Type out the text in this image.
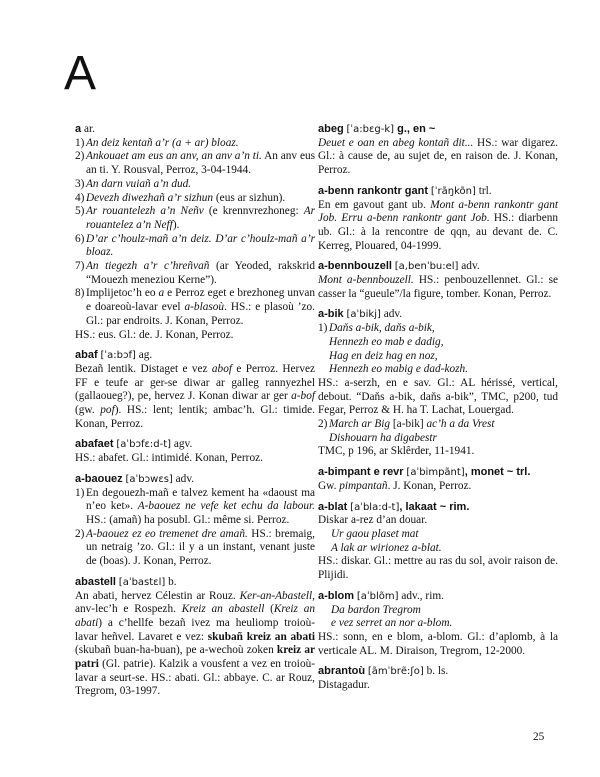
A

a ar.

1) An deiz kentañ a’r (a + ar) bloaz.
2) Ankouaet am eus an anv, an anv a’n ti. An anv eus an ti. Y. Rousval, Perroz, 3-04-1944.
3) An darn vuiañ a’n dud.
4) Devezh diwezhañ a’r sizhun (eus ar sizhun).
5) Ar rouantelezh a’n Neñv (e krennvrezhoneg: Ar rouantelez a’n Neff).
6) D’ar c’houlz-mañ a’n deiz. D’ar c’houlz-mañ a’r bloaz.
7) An tiegezh a’r c’hreñvañ (ar Yeoded, rakskrid “Mouezh meneziou Kerne”).
8) Implijetoc’h eo a e Perroz eget e brezhoneg unvan e doareoù-lavar evel a-blasoù. HS.: e plasoù ’zo. Gl.: par endroits. J. Konan, Perroz.

HS.: eus. Gl.: de. J. Konan, Perroz.

abaf [ˈa:bɔf] ag.

Bezañ lentik. Distaget e vez abof e Perroz. Hervez FF e teufe ar ger-se diwar ar galleg rannyezhel (gallaoueg?), pe, hervez J. Konan diwar ar ger a-bof (gw. pof). HS.: lent; lentik; ambac’h. Gl.: timide. Konan, Perroz.

abafaet [aˈbɔfɛ:d-t] agv.

HS.: abafet. Gl.: intimidé. Konan, Perroz.

a-baouez [aˈbɔwɛs] adv.

1) En degouezh-mañ e talvez kement ha «daoust ma n’eo ket». A-baouez ne vefe ket echu da labour. HS.: (amañ) ha posubl. Gl.: même si. Perroz.
2) A-baouez ez eo tremenet dre amañ. HS.: bremaig, un netraig ’zo. Gl.: il y a un instant, venant juste de (boas). J. Konan, Perroz.

abastell [aˈbastɛl] b.

An abati, hervez Célestin ar Rouz. Ker-an-Abastell, anv-lec’h e Rospezh. Kreiz an abastell (Kreiz an abati) a c’hellfe bezañ ivez ma heuliomp troioù-lavar heñvel. Lavaret e vez: skubañ kreiz an abati (skubañ buan-ha-buan), pe a-wechoù zoken kreiz ar patri (Gl. patrie). Kalzik a vousfent a vez en troioù-lavar a seurt-se. HS.: abati. Gl.: abbaye. C. ar Rouz, Tregrom, 03-1997.

abeg [ˈa:bɛg-k] g., en ~

Deuet e oan en abeg kontañ dit... HS.: war digarez. Gl.: à cause de, au sujet de, en raison de. J. Konan, Perroz.

a-benn rankontr gant [ˈrãŋkõn] trl.

En em gavout gant ub. Mont a-benn rankontr gant Job. Erru a-benn rankontr gant Job. HS.: diarbenn ub. Gl.: à la rencontre de qqn, au devant de. C. Kerreg, Plouared, 04-1999.

a-bennbouzell [a,benˈbu:el] adv.

Mont a-bennbouzell. HS.: penbouzellennet. Gl.: se casser la “gueule”/la figure, tomber. Konan, Perroz.

a-bik [aˈbikj] adv.

1) Daňs a-bik, daňs a-bik,

Hennezh eo mab e dadig,

Hag en deiz hag en noz,

Hennezh eo mabig e dad-kozh.

HS.: a-serzh, en e sav. Gl.: AL hérissé, vertical, debout. “Daňs a-bik, daňs a-bik”, TMC, p200, tud Fegar, Perroz & H. ha T. Lachat, Louergad.

2) March ar Big [a-bik] ac’h a da Vrest

Dishouarn ha digabestr

TMC, p 196, ar Sklêrder, 11-1941.

a-bimpant e revr [aˈbimpãnt], monet ~ trl.

Gw. pimpantañ. J. Konan, Perroz.

a-blat [aˈbla:d-t], lakaat ~ rim.

Diskar a-rez d’an douar.

Ur gaou plaset mat

A lak ar wirionez a-blat.

HS.: diskar. Gl.: mettre au ras du sol, avoir raison de. Plijidi.

a-blom [aˈblõm] adv., rim.

Da bardon Tregrom

e vez serret an nor a-blom.

HS.: sonn, en e blom, a-blom. Gl.: d’aplomb, à la verticale AL. M. Diraison, Tregrom, 12-2000.

abrantoù [ãmˈbrẽ:ʃo] b. ls.

Distagadur.

25
